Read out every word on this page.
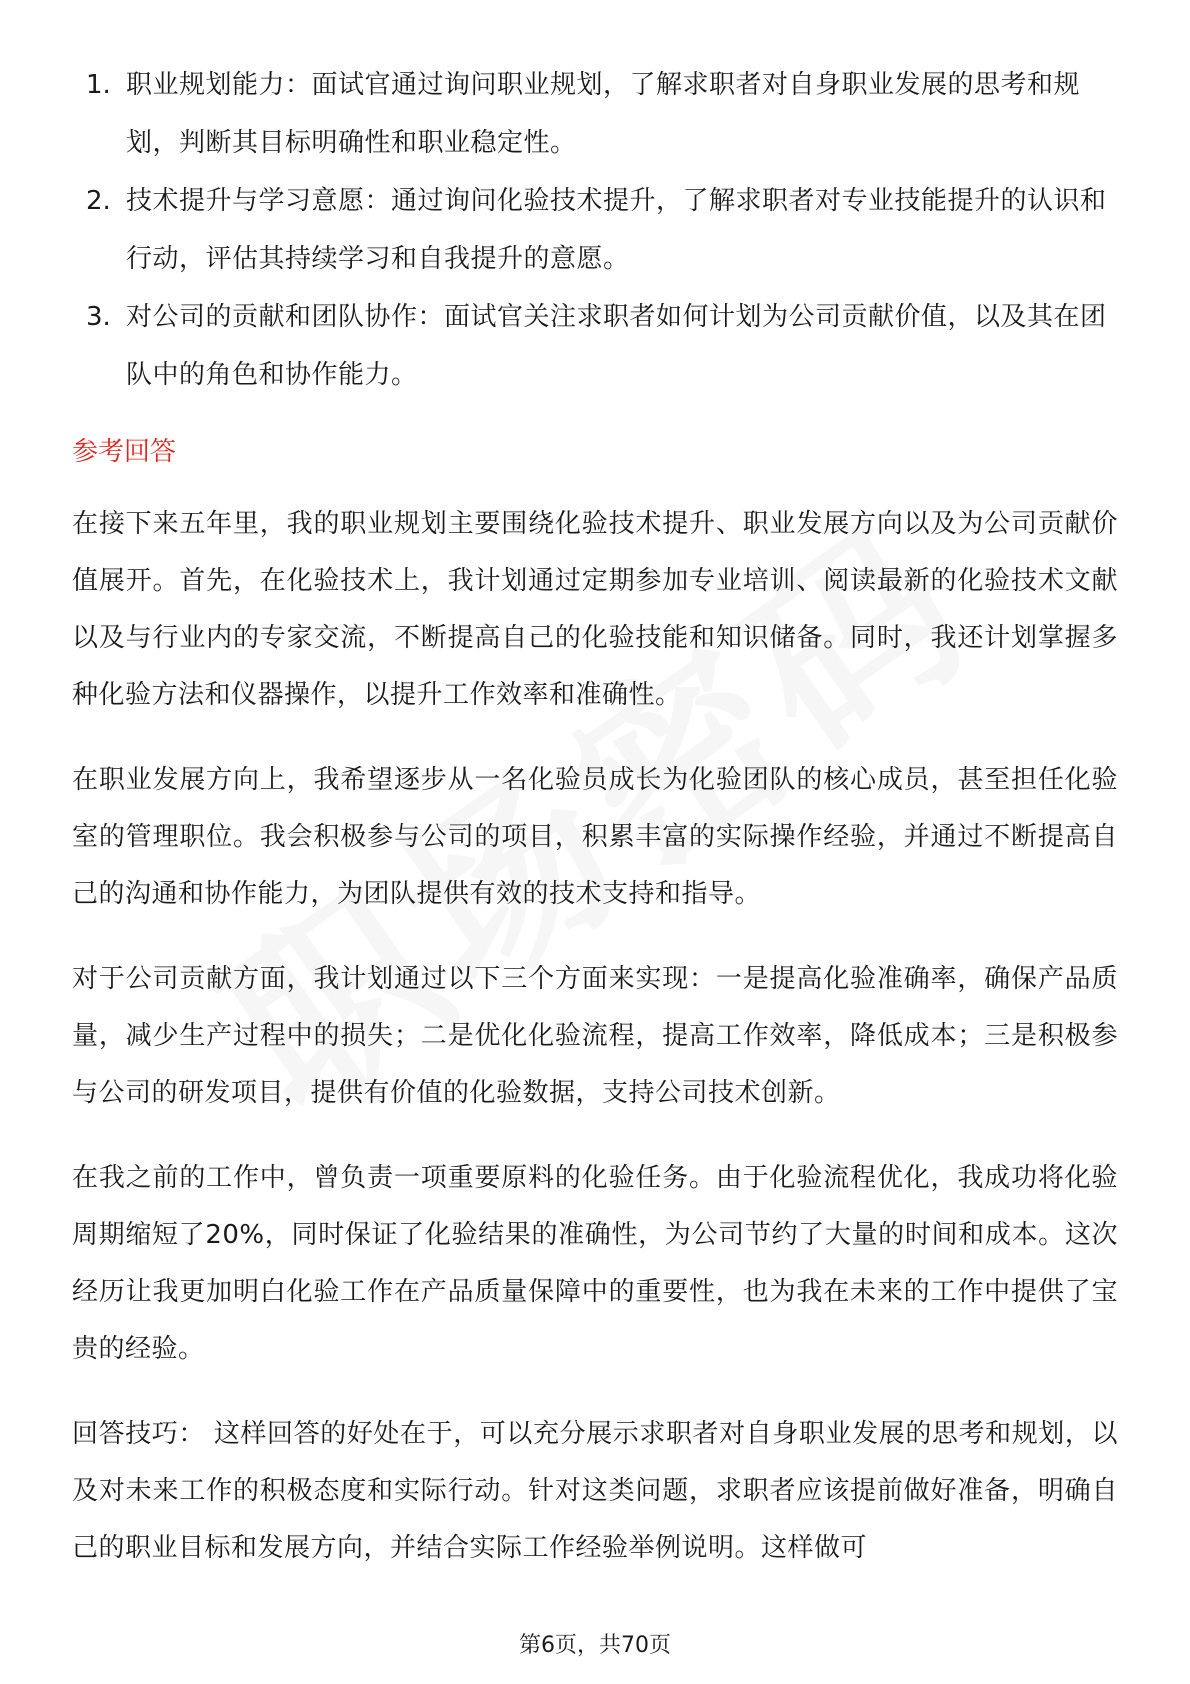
1. 职业规划能力：面试官通过询问职业规划，了解求职者对自身职业发展的思考和规划，判断其目标明确性和职业稳定性。
2. 技术提升与学习意愿：通过询问化验技术提升，了解求职者对专业技能提升的认识和行动，评估其持续学习和自我提升的意愿。
3. 对公司的贡献和团队协作：面试官关注求职者如何计划为公司贡献价值，以及其在团队中的角色和协作能力。
参考回答

在接下来五年里，我的职业规划主要围绕化验技术提升、职业发展方向以及为公司贡献价值展开。首先，在化验技术上，我计划通过定期参加专业培训、阅读最新的化验技术文献以及与行业内的专家交流，不断提高自己的化验技能和知识储备。同时，我还计划掌握多种化验方法和仪器操作，以提升工作效率和准确性。

在职业发展方向上，我希望逐步从一名化验员成长为化验团队的核心成员，甚至担任化验室的管理职位。我会积极参与公司的项目，积累丰富的实际操作经验，并通过不断提高自己的沟通和协作能力，为团队提供有效的技术支持和指导。

对于公司贡献方面，我计划通过以下三个方面来实现：一是提高化验准确率，确保产品质量，减少生产过程中的损失；二是优化化验流程，提高工作效率，降低成本；三是积极参与公司的研发项目，提供有价值的化验数据，支持公司技术创新。

在我之前的工作中，曾负责一项重要原料的化验任务。由于化验流程优化，我成功将化验周期缩短了20%，同时保证了化验结果的准确性，为公司节约了大量的时间和成本。这次经历让我更加明白化验工作在产品质量保障中的重要性，也为我在未来的工作中提供了宝贵的经验。

回答技巧： 这样回答的好处在于，可以充分展示求职者对自身职业发展的思考和规划，以及对未来工作的积极态度和实际行动。针对这类问题，求职者应该提前做好准备，明确自己的职业目标和发展方向，并结合实际工作经验举例说明。这样做可

第6页，共70页
